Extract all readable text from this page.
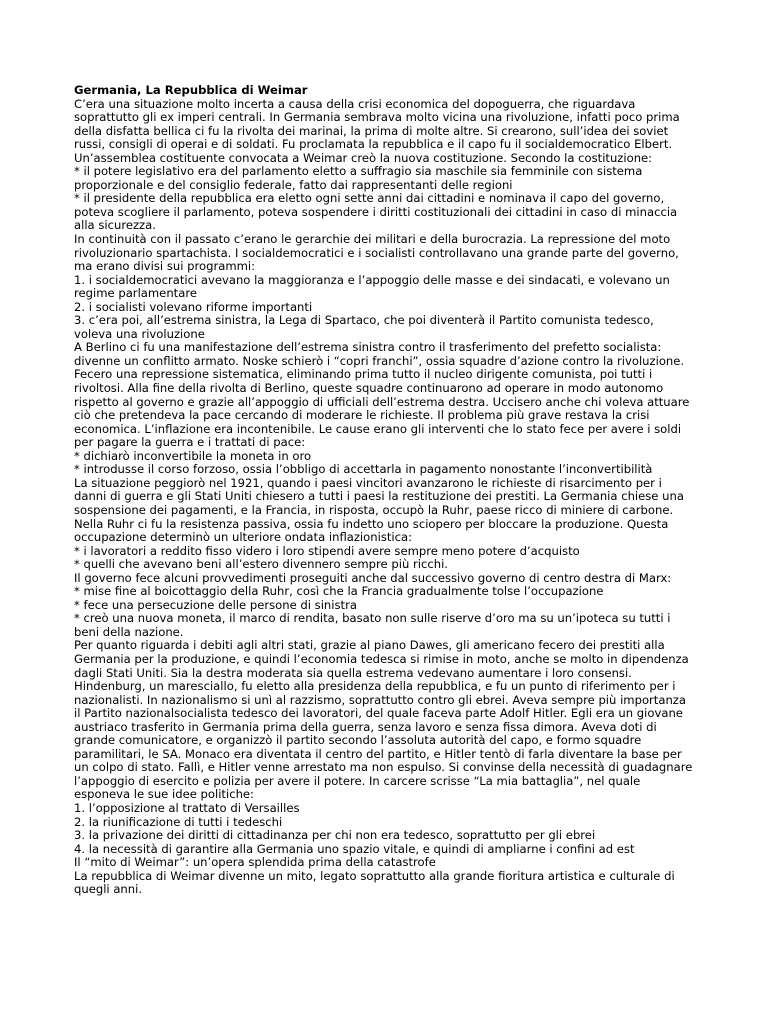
Germania, La Repubblica di Weimar
C’era una situazione molto incerta a causa della crisi economica del dopoguerra, che riguardava
soprattutto gli ex imperi centrali. In Germania sembrava molto vicina una rivoluzione, infatti poco prima
della disfatta bellica ci fu la rivolta dei marinai, la prima di molte altre. Si crearono, sull’idea dei soviet
russi, consigli di operai e di soldati. Fu proclamata la repubblica e il capo fu il socialdemocratico Elbert.
Un’assemblea costituente convocata a Weimar creò la nuova costituzione. Secondo la costituzione:
* il potere legislativo era del parlamento eletto a suffragio sia maschile sia femminile con sistema
proporzionale e del consiglio federale, fatto dai rappresentanti delle regioni
* il presidente della repubblica era eletto ogni sette anni dai cittadini e nominava il capo del governo,
poteva scogliere il parlamento, poteva sospendere i diritti costituzionali dei cittadini in caso di minaccia
alla sicurezza.
In continuità con il passato c’erano le gerarchie dei militari e della burocrazia. La repressione del moto
rivoluzionario spartachista. I socialdemocratici e i socialisti controllavano una grande parte del governo,
ma erano divisi sui programmi:
1. i socialdemocratici avevano la maggioranza e l’appoggio delle masse e dei sindacati, e volevano un
regime parlamentare
2. i socialisti volevano riforme importanti
3. c’era poi, all’estrema sinistra, la Lega di Spartaco, che poi diventerà il Partito comunista tedesco,
voleva una rivoluzione
A Berlino ci fu una manifestazione dell’estrema sinistra contro il trasferimento del prefetto socialista:
divenne un conflitto armato. Noske schierò i “copri franchi”, ossia squadre d’azione contro la rivoluzione.
Fecero una repressione sistematica, eliminando prima tutto il nucleo dirigente comunista, poi tutti i
rivoltosi. Alla fine della rivolta di Berlino, queste squadre continuarono ad operare in modo autonomo
rispetto al governo e grazie all’appoggio di ufficiali dell’estrema destra. Uccisero anche chi voleva attuare
ciò che pretendeva la pace cercando di moderare le richieste. Il problema più grave restava la crisi
economica. L’inflazione era incontenibile. Le cause erano gli interventi che lo stato fece per avere i soldi
per pagare la guerra e i trattati di pace:
* dichiarò inconvertibile la moneta in oro
* introdusse il corso forzoso, ossia l’obbligo di accettarla in pagamento nonostante l’inconvertibilità
La situazione peggiorò nel 1921, quando i paesi vincitori avanzarono le richieste di risarcimento per i
danni di guerra e gli Stati Uniti chiesero a tutti i paesi la restituzione dei prestiti. La Germania chiese una
sospensione dei pagamenti, e la Francia, in risposta, occupò la Ruhr, paese ricco di miniere di carbone.
Nella Ruhr ci fu la resistenza passiva, ossia fu indetto uno sciopero per bloccare la produzione. Questa
occupazione determinò un ulteriore ondata inflazionistica:
* i lavoratori a reddito fisso videro i loro stipendi avere sempre meno potere d’acquisto
* quelli che avevano beni all’estero divennero sempre più ricchi.
Il governo fece alcuni provvedimenti proseguiti anche dal successivo governo di centro destra di Marx:
* mise fine al boicottaggio della Ruhr, così che la Francia gradualmente tolse l’occupazione
* fece una persecuzione delle persone di sinistra
* creò una nuova moneta, il marco di rendita, basato non sulle riserve d’oro ma su un’ipoteca su tutti i
beni della nazione.
Per quanto riguarda i debiti agli altri stati, grazie al piano Dawes, gli americano fecero dei prestiti alla
Germania per la produzione, e quindi l’economia tedesca si rimise in moto, anche se molto in dipendenza
dagli Stati Uniti. Sia la destra moderata sia quella estrema vedevano aumentare i loro consensi.
Hindenburg, un maresciallo, fu eletto alla presidenza della repubblica, e fu un punto di riferimento per i
nazionalisti. In nazionalismo si unì al razzismo, soprattutto contro gli ebrei. Aveva sempre più importanza
il Partito nazionalsocialista tedesco dei lavoratori, del quale faceva parte Adolf Hitler. Egli era un giovane
austriaco trasferito in Germania prima della guerra, senza lavoro e senza fissa dimora. Aveva doti di
grande comunicatore, e organizzò il partito secondo l’assoluta autorità del capo, e formo squadre
paramilitari, le SA. Monaco era diventata il centro del partito, e Hitler tentò di farla diventare la base per
un colpo di stato. Fallì, e Hitler venne arrestato ma non espulso. Si convinse della necessità di guadagnare
l’appoggio di esercito e polizia per avere il potere. In carcere scrisse “La mia battaglia”, nel quale
esponeva le sue idee politiche:
1. l’opposizione al trattato di Versailles
2. la riunificazione di tutti i tedeschi
3. la privazione dei diritti di cittadinanza per chi non era tedesco, soprattutto per gli ebrei
4. la necessità di garantire alla Germania uno spazio vitale, e quindi di ampliarne i confini ad est
Il “mito di Weimar”: un’opera splendida prima della catastrofe
La repubblica di Weimar divenne un mito, legato soprattutto alla grande fioritura artistica e culturale di
quegli anni.
